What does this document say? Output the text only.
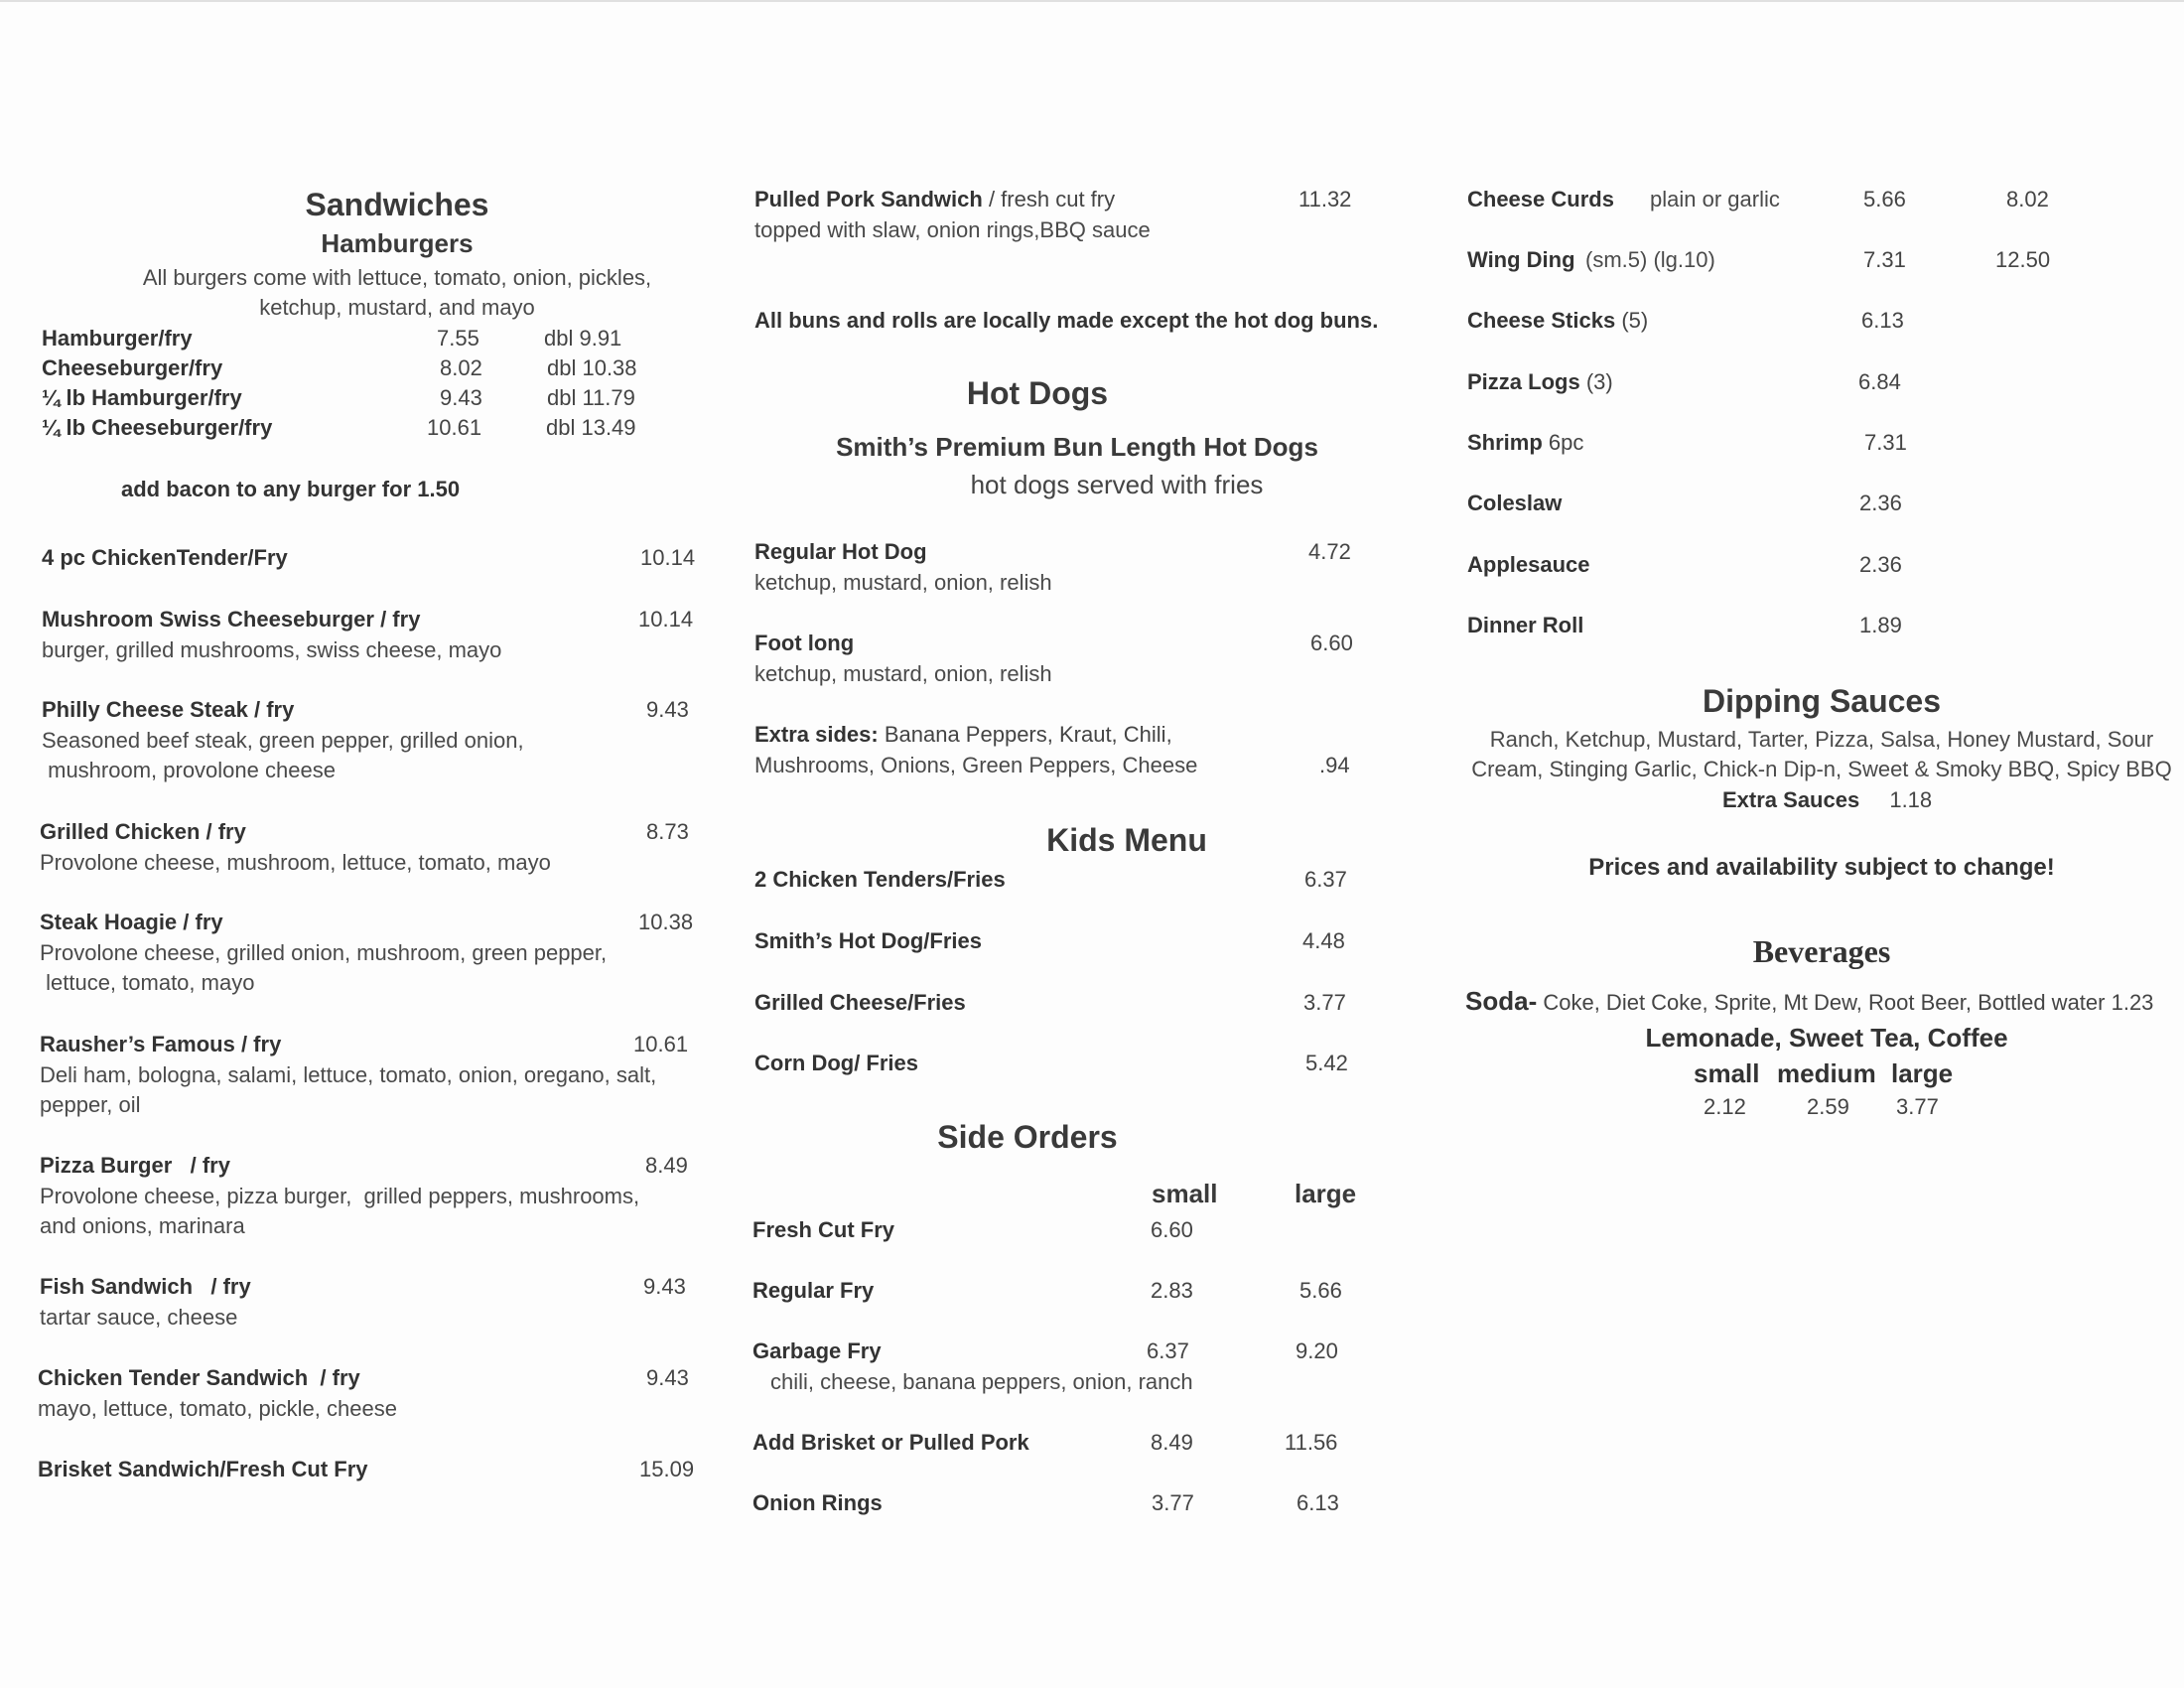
Sandwiches
Hamburgers
All burgers come with lettuce, tomato, onion, pickles,
ketchup, mustard, and mayo
Hamburger/fry	7.55	dbl 9.91
Cheeseburger/fry	8.02	dbl 10.38
¼ lb Hamburger/fry	9.43	dbl 11.79
¼ lb Cheeseburger/fry	10.61	dbl 13.49
add bacon to any burger for 1.50
4 pc ChickenTender/Fry	10.14
Mushroom Swiss Cheeseburger / fry	10.14
burger, grilled mushrooms, swiss cheese, mayo
Philly Cheese Steak / fry	9.43
Seasoned beef steak, green pepper, grilled onion,
mushroom, provolone cheese
Grilled Chicken / fry	8.73
Provolone cheese, mushroom, lettuce, tomato, mayo
Steak Hoagie / fry	10.38
Provolone cheese, grilled onion, mushroom, green pepper,
lettuce, tomato, mayo
Rausher’s Famous / fry	10.61
Deli ham, bologna, salami, lettuce, tomato, onion, oregano, salt,
pepper, oil
Pizza Burger   / fry	8.49
Provolone cheese, pizza burger,  grilled peppers, mushrooms,
and onions, marinara
Fish Sandwich   / fry	9.43
tartar sauce, cheese
Chicken Tender Sandwich  / fry	9.43
mayo, lettuce, tomato, pickle, cheese
Brisket Sandwich/Fresh Cut Fry	15.09
Pulled Pork Sandwich / fresh cut fry	11.32
topped with slaw, onion rings,BBQ sauce
All buns and rolls are locally made except the hot dog buns.
Hot Dogs
Smith’s Premium Bun Length Hot Dogs
hot dogs served with fries
Regular Hot Dog	4.72
ketchup, mustard, onion, relish
Foot long	6.60
ketchup, mustard, onion, relish
Extra sides: Banana Peppers, Kraut, Chili,
Mushrooms, Onions, Green Peppers, Cheese	.94
Kids Menu
2 Chicken Tenders/Fries	6.37
Smith’s Hot Dog/Fries	4.48
Grilled Cheese/Fries	3.77
Corn Dog/ Fries	5.42
Side Orders
small	large
Fresh Cut Fry	6.60
Regular Fry	2.83	5.66
Garbage Fry	6.37	9.20
chili, cheese, banana peppers, onion, ranch
Add Brisket or Pulled Pork	8.49	11.56
Onion Rings	3.77	6.13
Cheese Curds plain or garlic	5.66	8.02
Wing Ding (sm.5) (lg.10)	7.31	12.50
Cheese Sticks (5)	6.13
Pizza Logs (3)	6.84
Shrimp 6pc	7.31
Coleslaw	2.36
Applesauce	2.36
Dinner Roll	1.89
Dipping Sauces
Ranch, Ketchup, Mustard, Tarter, Pizza, Salsa, Honey Mustard, Sour
Cream, Stinging Garlic, Chick-n Dip-n, Sweet & Smoky BBQ, Spicy BBQ
Extra Sauces 1.18
Prices and availability subject to change!
Beverages
Soda- Coke, Diet Coke, Sprite, Mt Dew, Root Beer, Bottled water 1.23
Lemonade, Sweet Tea, Coffee
small medium large
2.12	2.59 3.77
